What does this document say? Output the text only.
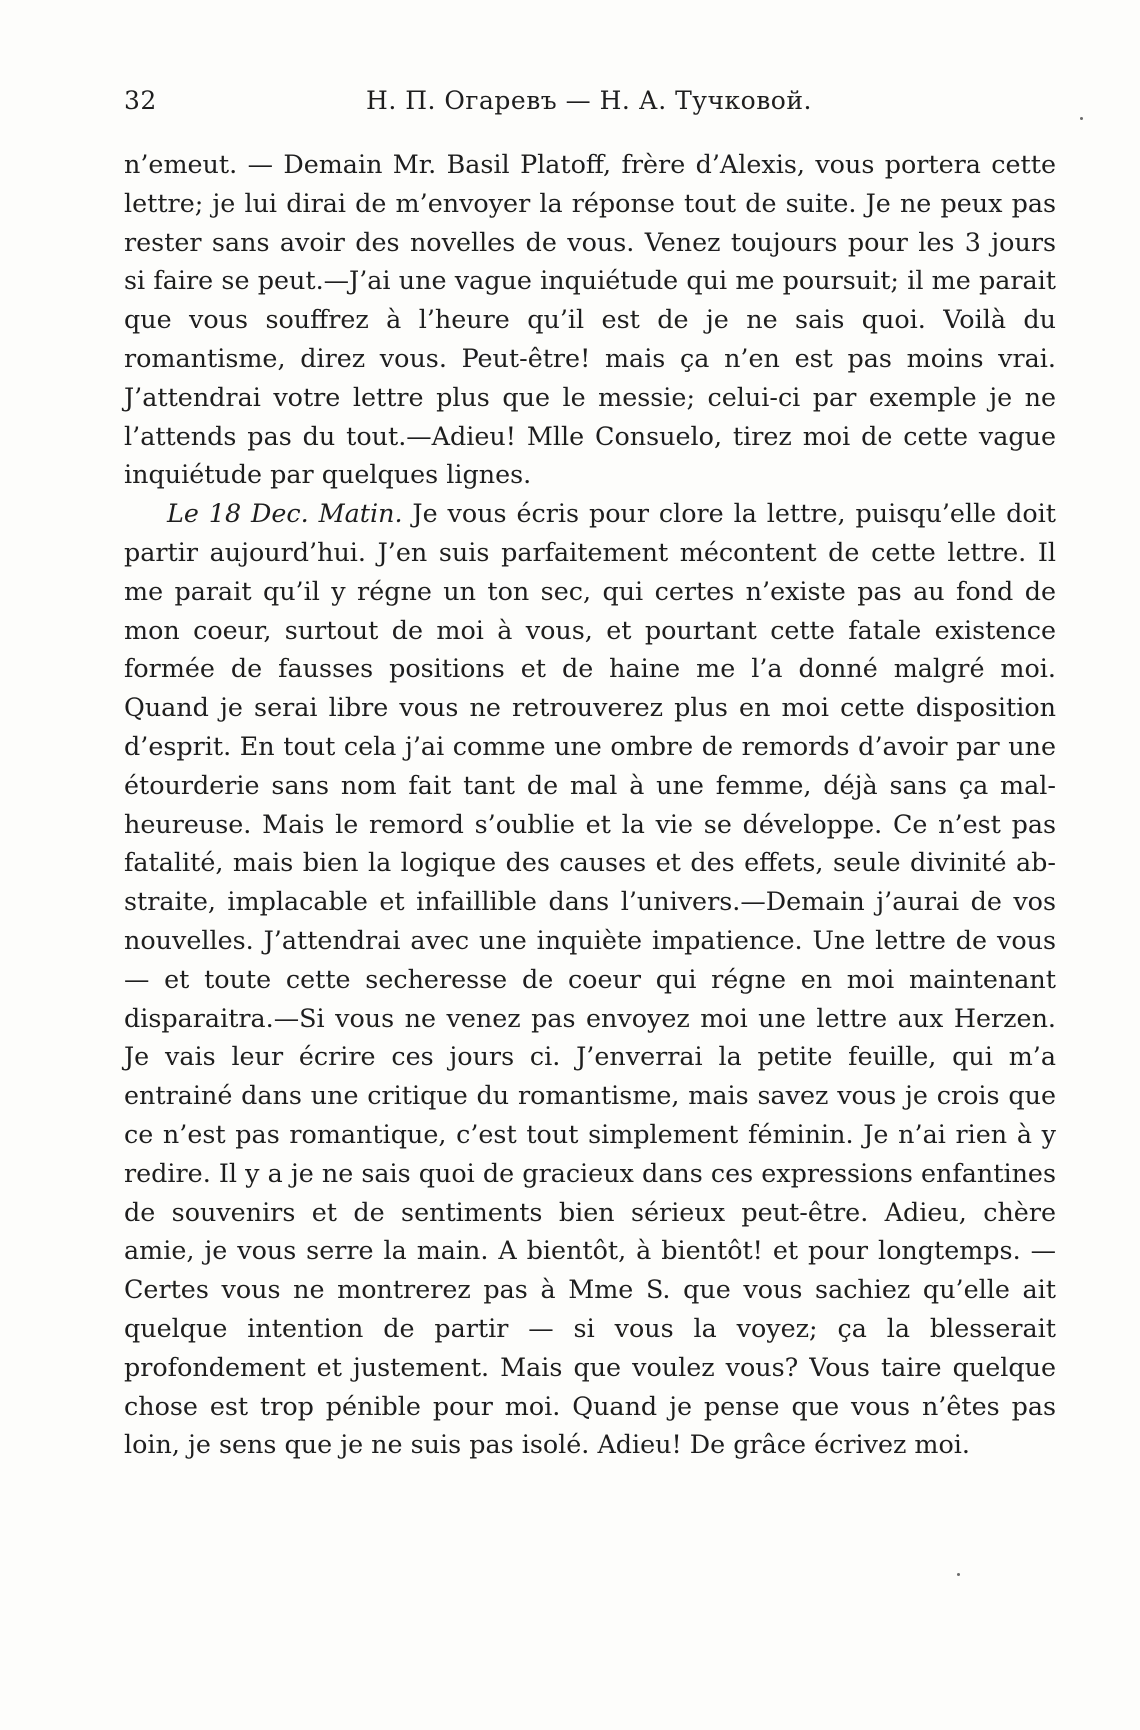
32	Н. П. Огаревъ — Н. А. Тучковой.

n’emeut. — Demain Mr. Basil Platoff, frère d’Alexis, vous portera cette lettre; je lui dirai de m’envoyer la réponse tout de suite. Je ne peux pas rester sans avoir des novelles de vous. Venez toujours pour les 3 jours si faire se peut.—J’ai une vague inquiétude qui me poursuit; il me parait que vous souffrez à l’heure qu’il est de je ne sais quoi. Voilà du romantisme, direz vous. Peut-être! mais ça n’en est pas moins vrai. J’attendrai votre lettre plus que le messie; celui-ci par exemple je ne l’attends pas du tout.—Adieu! Mlle Consuelo, tirez moi de cette vague inquiétude par quelques lignes.

Le 18 Dec. Matin. Je vous écris pour clore la lettre, puisqu’elle doit partir aujourd’hui. J’en suis parfaitement mécontent de cette lettre. Il me parait qu’il y régne un ton sec, qui certes n’existe pas au fond de mon coeur, surtout de moi à vous, et pourtant cette fatale existence formée de fausses positions et de haine me l’a donné malgré moi. Quand je serai libre vous ne retrouverez plus en moi cette disposition d’esprit. En tout cela j’ai comme une ombre de remords d’avoir par une étourderie sans nom fait tant de mal à une femme, déjà sans ça malheureuse. Mais le remord s’oublie et la vie se développe. Ce n’est pas fatalité, mais bien la logique des causes et des effets, seule divinité abstraite, implacable et infaillible dans l’univers.—Demain j’aurai de vos nouvelles. J’attendrai avec une inquiète impatience. Une lettre de vous— et toute cette secheresse de coeur qui régne en moi maintenant disparaitra.—Si vous ne venez pas envoyez moi une lettre aux Herzen. Je vais leur écrire ces jours ci. J’enverrai la petite feuille, qui m’a entrainé dans une critique du romantisme, mais savez vous je crois que ce n’est pas romantique, c’est tout simplement féminin. Je n’ai rien à y redire. Il y a je ne sais quoi de gracieux dans ces expressions enfantines de souvenirs et de sentiments bien sérieux peut-être. Adieu, chère amie, je vous serre la main. A bientôt, à bientôt! et pour longtemps. — Certes vous ne montrerez pas à Mme S. que vous sachiez qu’elle ait quelque intention de partir — si vous la voyez; ça la blesserait profondement et justement. Mais que voulez vous? Vous taire quelque chose est trop pénible pour moi. Quand je pense que vous n’êtes pas loin, je sens que je ne suis pas isolé. Adieu! De grâce écrivez moi.
